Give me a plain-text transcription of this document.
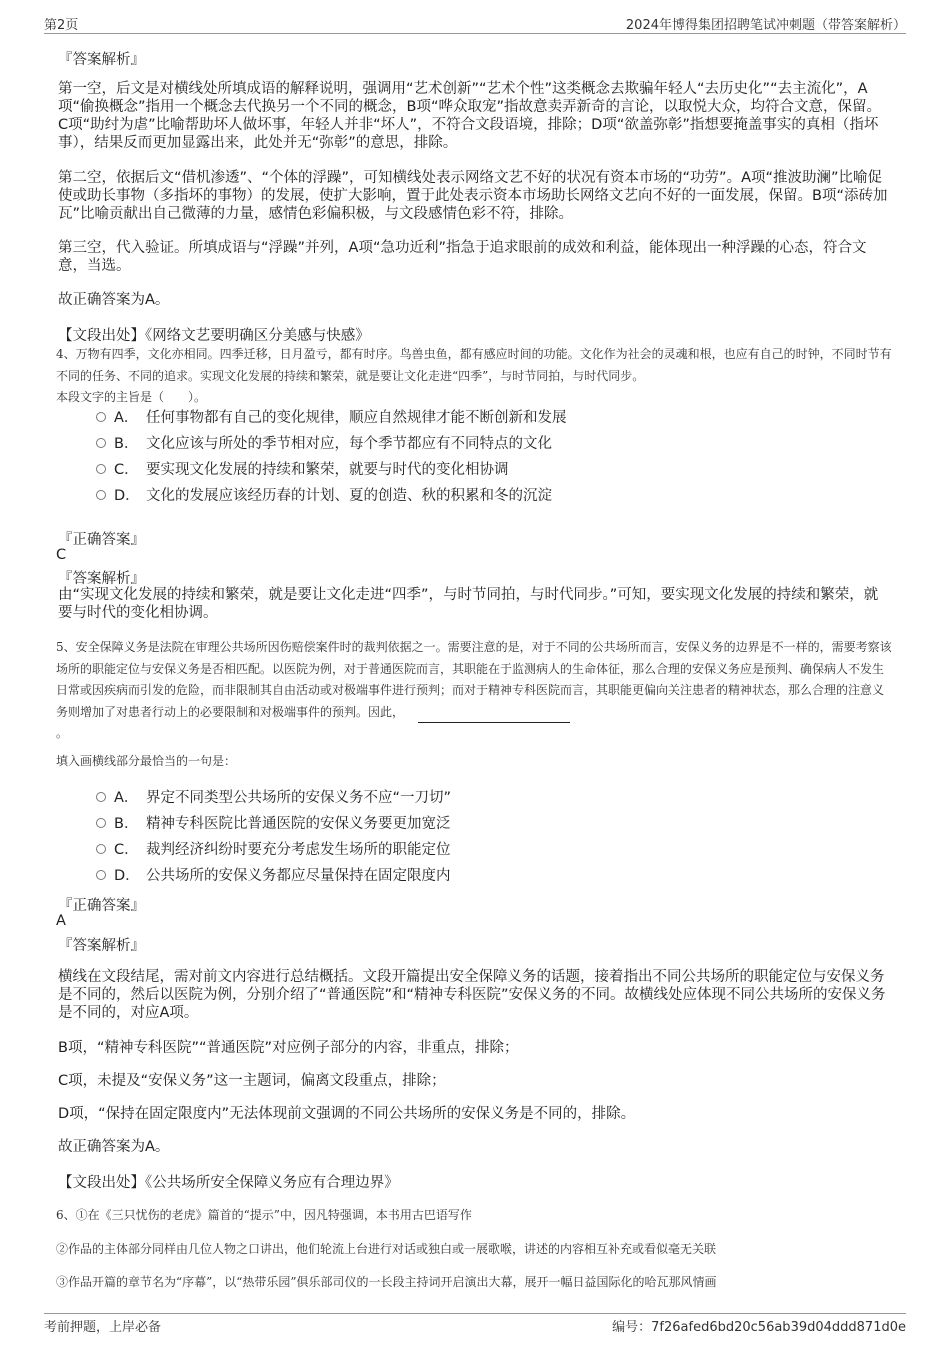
第2页	2024年博得集团招聘笔试冲刺题（带答案解析）
『答案解析』

第一空，后文是对横线处所填成语的解释说明，强调用“艺术创新”“艺术个性”这类概念去欺骗年轻人“去历史化”“去主流化”，A项“偷换概念”指用一个概念去代换另一个不同的概念，B项“哗众取宠”指故意卖弄新奇的言论，以取悦大众，均符合文意，保留。C项“助纣为虐”比喻帮助坏人做坏事，年轻人并非“坏人”，不符合文段语境，排除；D项“欲盖弥彰”指想要掩盖事实的真相（指坏事），结果反而更加显露出来，此处并无“弥彰”的意思，排除。

第二空，依据后文“借机渗透”、“个体的浮躁”，可知横线处表示网络文艺不好的状况有资本市场的“功劳”。A项“推波助澜”比喻促使或助长事物（多指坏的事物）的发展，使扩大影响，置于此处表示资本市场助长网络文艺向不好的一面发展，保留。B项“添砖加瓦”比喻贡献出自己微薄的力量，感情色彩偏积极，与文段感情色彩不符，排除。

第三空，代入验证。所填成语与“浮躁”并列，A项“急功近利”指急于追求眼前的成效和利益，能体现出一种浮躁的心态，符合文意，当选。

故正确答案为A。

【文段出处】《网络文艺要明确区分美感与快感》

4、万物有四季，文化亦相同。四季迁移，日月盈亏，都有时序。鸟兽虫鱼，都有感应时间的功能。文化作为社会的灵魂和根，也应有自己的时钟，不同时节有不同的任务、不同的追求。实现文化发展的持续和繁荣，就是要让文化走进“四季”，与时节同拍，与时代同步。

本段文字的主旨是（　　）。
A． 任何事物都有自己的变化规律，顺应自然规律才能不断创新和发展
B． 文化应该与所处的季节相对应，每个季节都应有不同特点的文化
C． 要实现文化发展的持续和繁荣，就要与时代的变化相协调
D． 文化的发展应该经历春的计划、夏的创造、秋的积累和冬的沉淀
『正确答案』
C
『答案解析』

由“实现文化发展的持续和繁荣，就是要让文化走进“四季”，与时节同拍，与时代同步。”可知，要实现文化发展的持续和繁荣，就要与时代的变化相协调。

5、安全保障义务是法院在审理公共场所因伤赔偿案件时的裁判依据之一。需要注意的是，对于不同的公共场所而言，安保义务的边界是不一样的，需要考察该场所的职能定位与安保义务是否相匹配。以医院为例，对于普通医院而言，其职能在于监测病人的生命体征，那么合理的安保义务应是预判、确保病人不发生日常或因疾病而引发的危险，而非限制其自由活动或对极端事件进行预判；而对于精神专科医院而言，其职能更偏向关注患者的精神状态，那么合理的注意义务则增加了对患者行动上的必要限制和对极端事件的预判。因此，
。

填入画横线部分最恰当的一句是：
A． 界定不同类型公共场所的安保义务不应“一刀切”
B． 精神专科医院比普通医院的安保义务要更加宽泛
C． 裁判经济纠纷时要充分考虑发生场所的职能定位
D． 公共场所的安保义务都应尽量保持在固定限度内
『正确答案』
A
『答案解析』

横线在文段结尾，需对前文内容进行总结概括。文段开篇提出安全保障义务的话题，接着指出不同公共场所的职能定位与安保义务是不同的，然后以医院为例，分别介绍了“普通医院”和“精神专科医院”安保义务的不同。故横线处应体现不同公共场所的安保义务是不同的，对应A项。

B项，“精神专科医院”“普通医院”对应例子部分的内容，非重点，排除；

C项，未提及“安保义务”这一主题词，偏离文段重点，排除；

D项，“保持在固定限度内”无法体现前文强调的不同公共场所的安保义务是不同的，排除。

故正确答案为A。

【文段出处】《公共场所安全保障义务应有合理边界》
6、①在《三只忧伤的老虎》篇首的“提示”中，因凡特强调，本书用古巴语写作
②作品的主体部分同样由几位人物之口讲出，他们轮流上台进行对话或独白或一展歌喉，讲述的内容相互补充或看似毫无关联
③作品开篇的章节名为“序幕”，以“热带乐园”俱乐部司仪的一长段主持词开启演出大幕，展开一幅日益国际化的哈瓦那风情画
考前押题，上岸必备	编号：7f26afed6bd20c56ab39d04ddd871d0e
